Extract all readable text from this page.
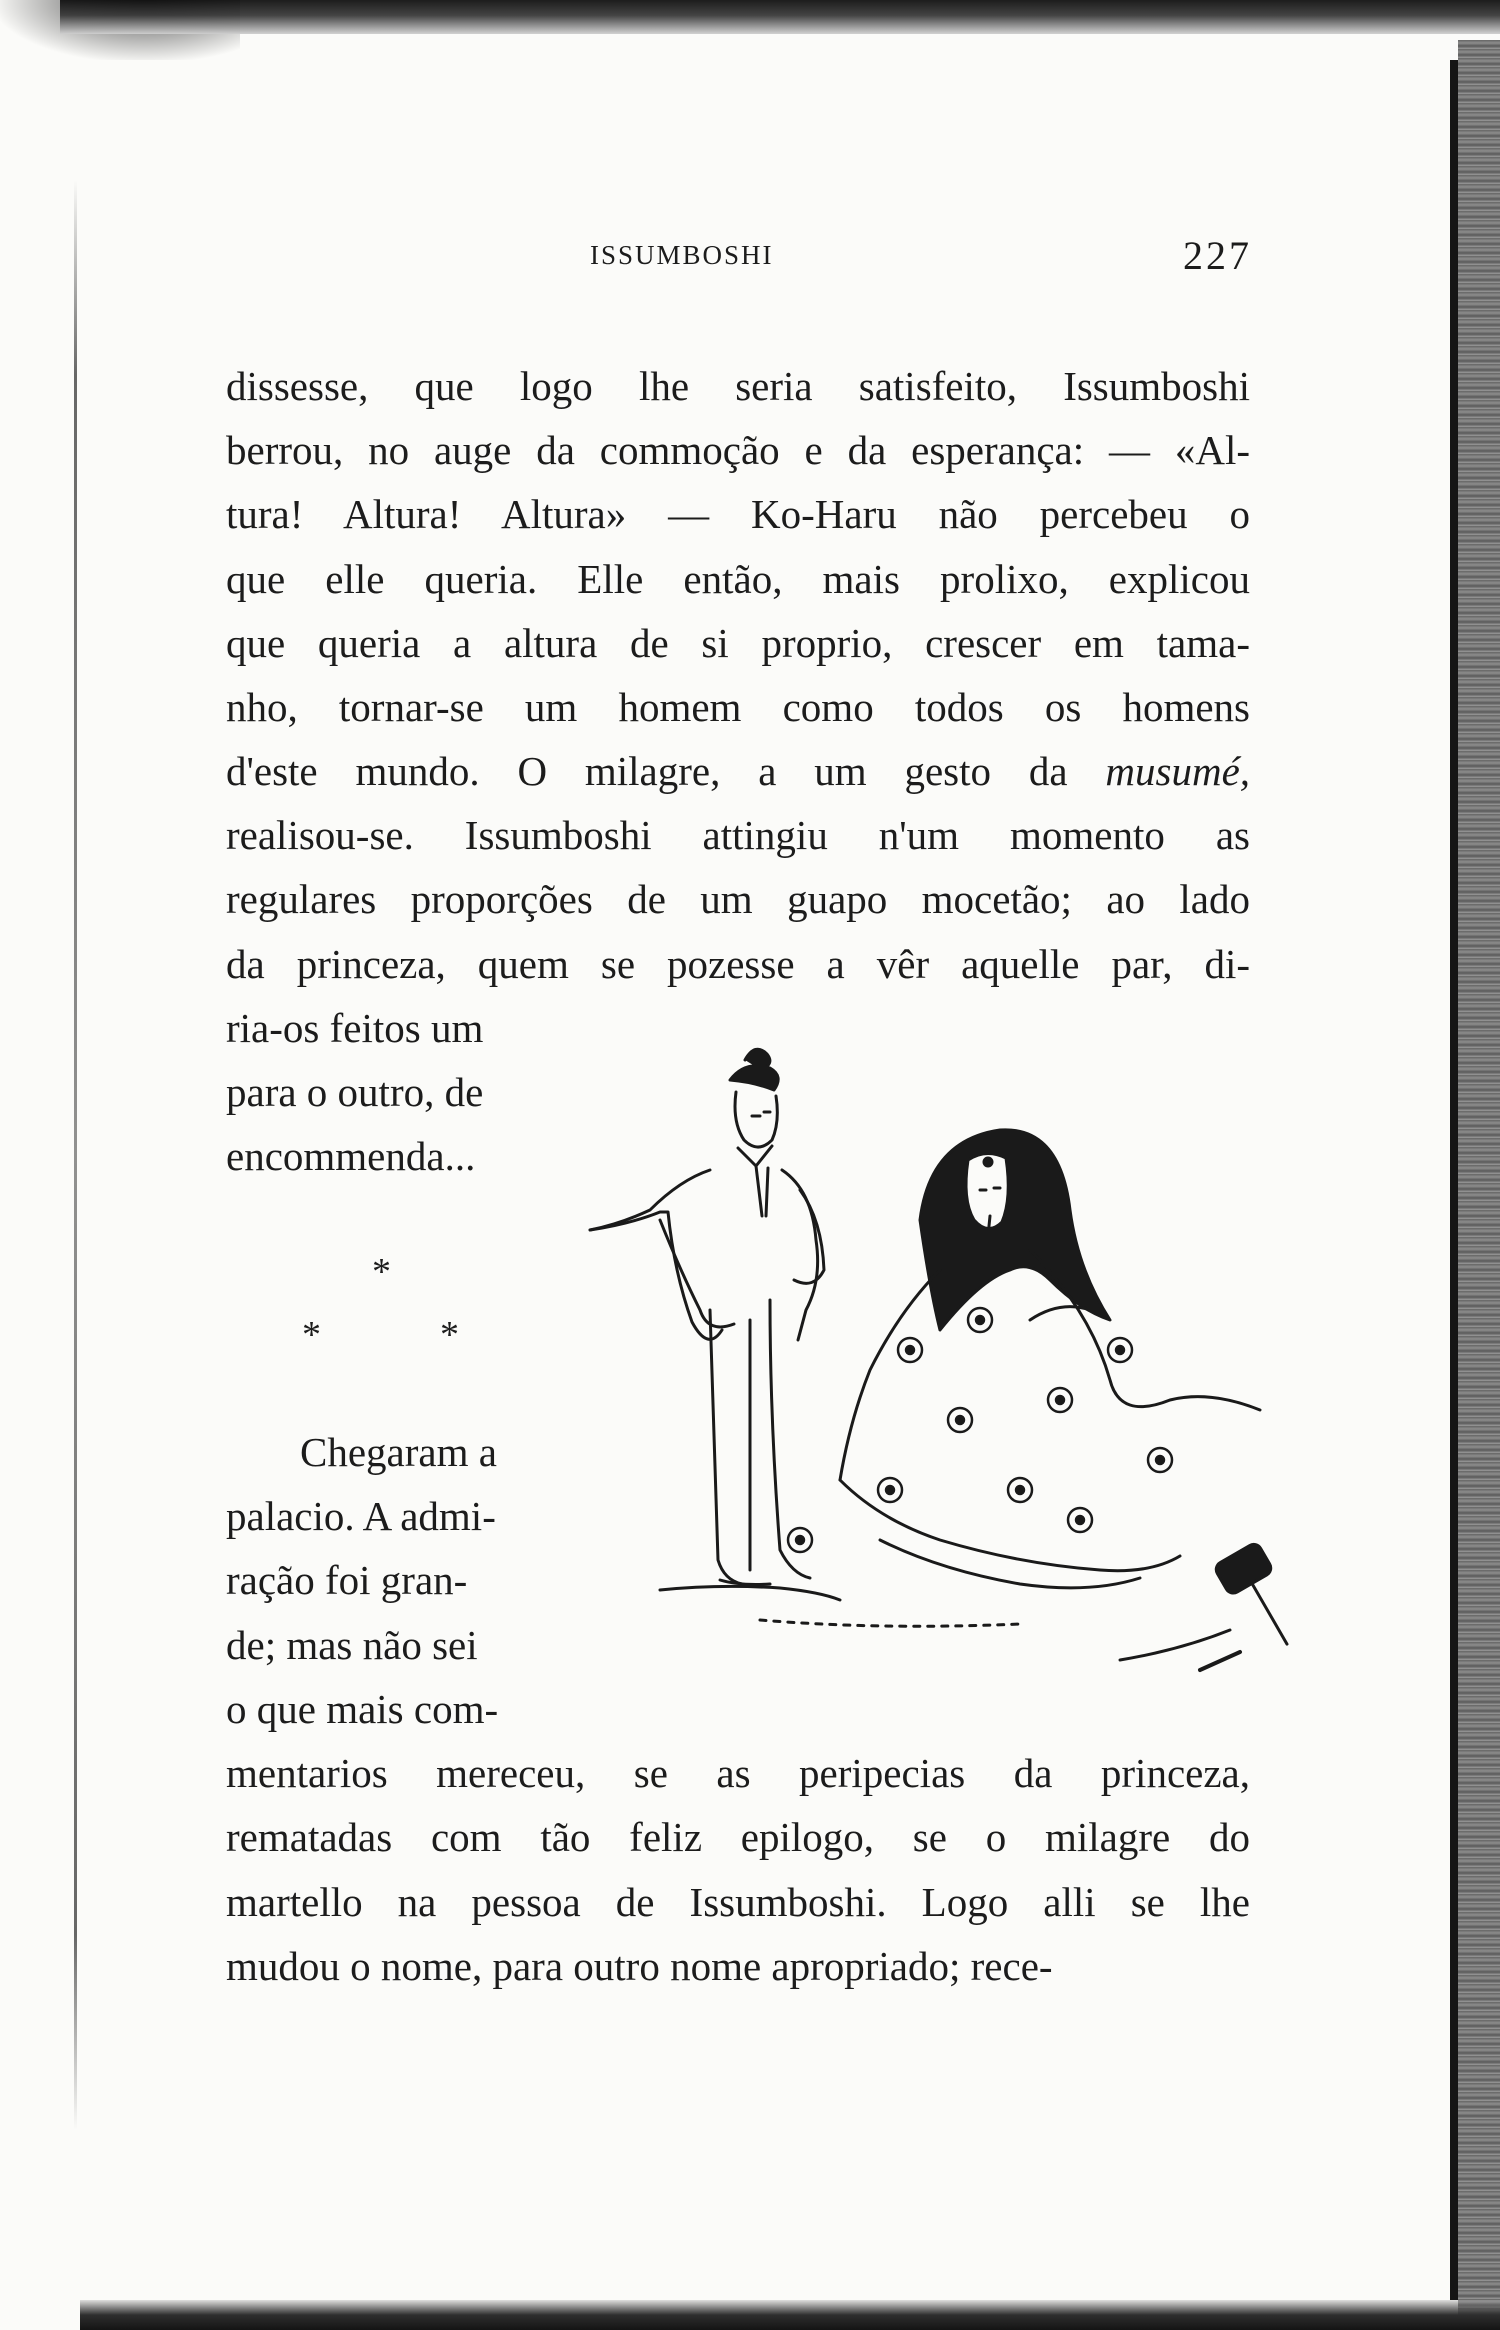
ISSUMBOSHI	227
dissesse, que logo lhe seria satisfeito, Issumboshi
berrou, no auge da commoção e da esperança: — «Al-
tura! Altura! Altura» — Ko-Haru não percebeu o
que elle queria. Elle então, mais prolixo, explicou
que queria a altura de si proprio, crescer em tama-
nho, tornar-se um homem como todos os homens
d'este mundo. O milagre, a um gesto da musumé,
realisou-se. Issumboshi attingiu n'um momento as
regulares proporções de um guapo mocetão; ao lado
da princeza, quem se pozesse a vêr aquelle par, di-
ria-os feitos um
para o outro, de
encommenda...
*
*	*
Chegaram a
palacio. A admi-
ração foi gran-
de; mas não sei
o que mais com-
mentarios mereceu, se as peripecias da princeza,
rematadas com tão feliz epilogo, se o milagre do
martello na pessoa de Issumboshi. Logo alli se lhe
mudou o nome, para outro nome apropriado; rece-
